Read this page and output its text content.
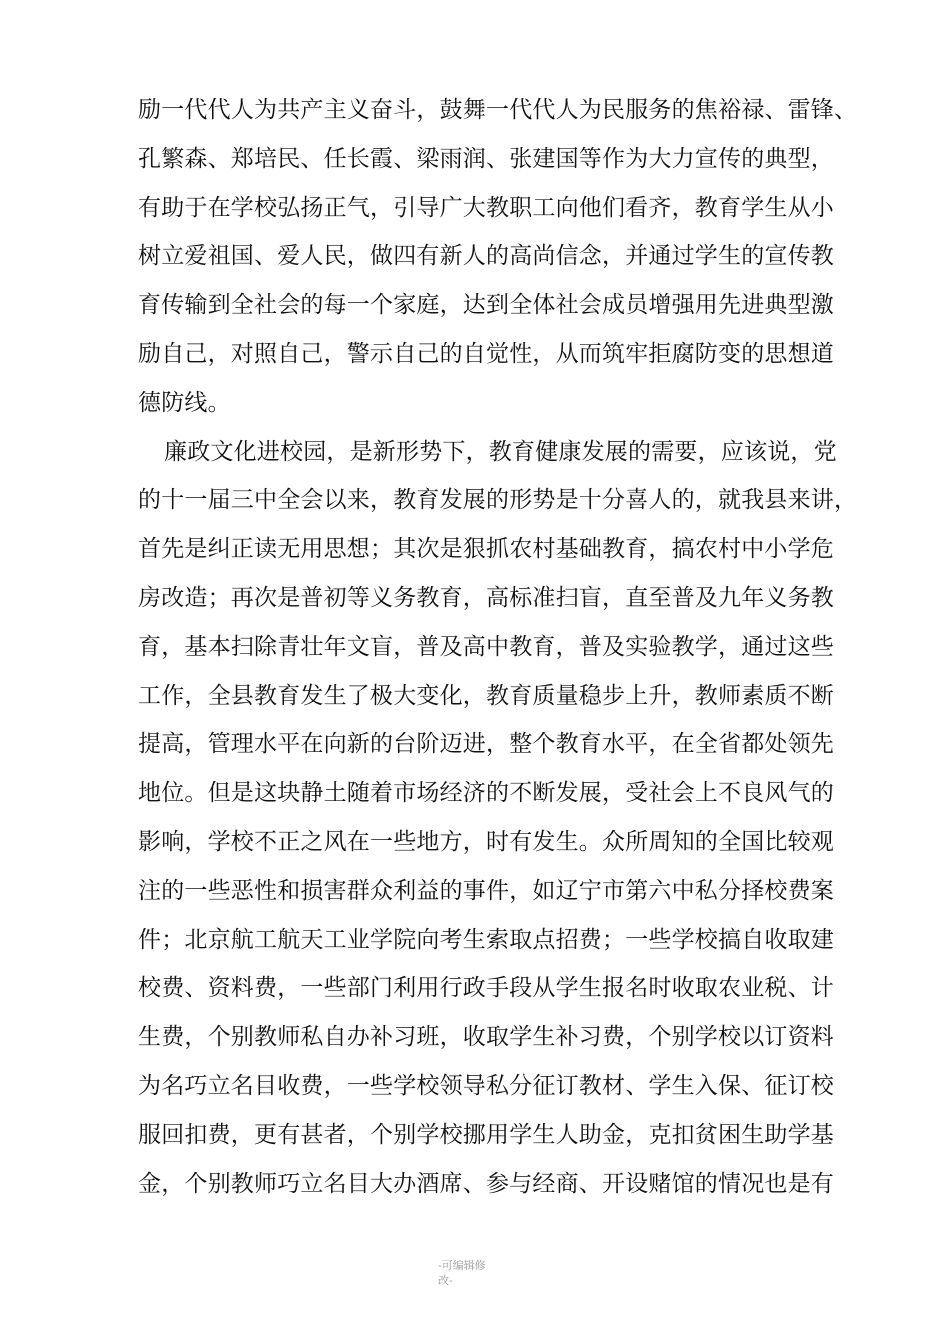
励一代代人为共产主义奋斗，鼓舞一代代人为民服务的焦裕禄、雷锋、
孔繁森、郑培民、任长霞、梁雨润、张建国等作为大力宣传的典型，
有助于在学校弘扬正气，引导广大教职工向他们看齐，教育学生从小
树立爱祖国、爱人民，做四有新人的高尚信念，并通过学生的宣传教
育传输到全社会的每一个家庭，达到全体社会成员增强用先进典型激
励自己，对照自己，警示自己的自觉性，从而筑牢拒腐防变的思想道
德防线。
廉政文化进校园，是新形势下，教育健康发展的需要，应该说，党
的十一届三中全会以来，教育发展的形势是十分喜人的，就我县来讲，
首先是纠正读无用思想；其次是狠抓农村基础教育，搞农村中小学危
房改造；再次是普初等义务教育，高标准扫盲，直至普及九年义务教
育，基本扫除青壮年文盲，普及高中教育，普及实验教学，通过这些
工作，全县教育发生了极大变化，教育质量稳步上升，教师素质不断
提高，管理水平在向新的台阶迈进，整个教育水平，在全省都处领先
地位。但是这块静土随着市场经济的不断发展，受社会上不良风气的
影响，学校不正之风在一些地方，时有发生。众所周知的全国比较观
注的一些恶性和损害群众利益的事件，如辽宁市第六中私分择校费案
件；北京航工航天工业学院向考生索取点招费；一些学校搞自收取建
校费、资料费，一些部门利用行政手段从学生报名时收取农业税、计
生费，个别教师私自办补习班，收取学生补习费，个别学校以订资料
为名巧立名目收费，一些学校领导私分征订教材、学生入保、征订校
服回扣费，更有甚者，个别学校挪用学生人助金，克扣贫困生助学基
金，个别教师巧立名目大办酒席、参与经商、开设赌馆的情况也是有
-可编辑修
改-
